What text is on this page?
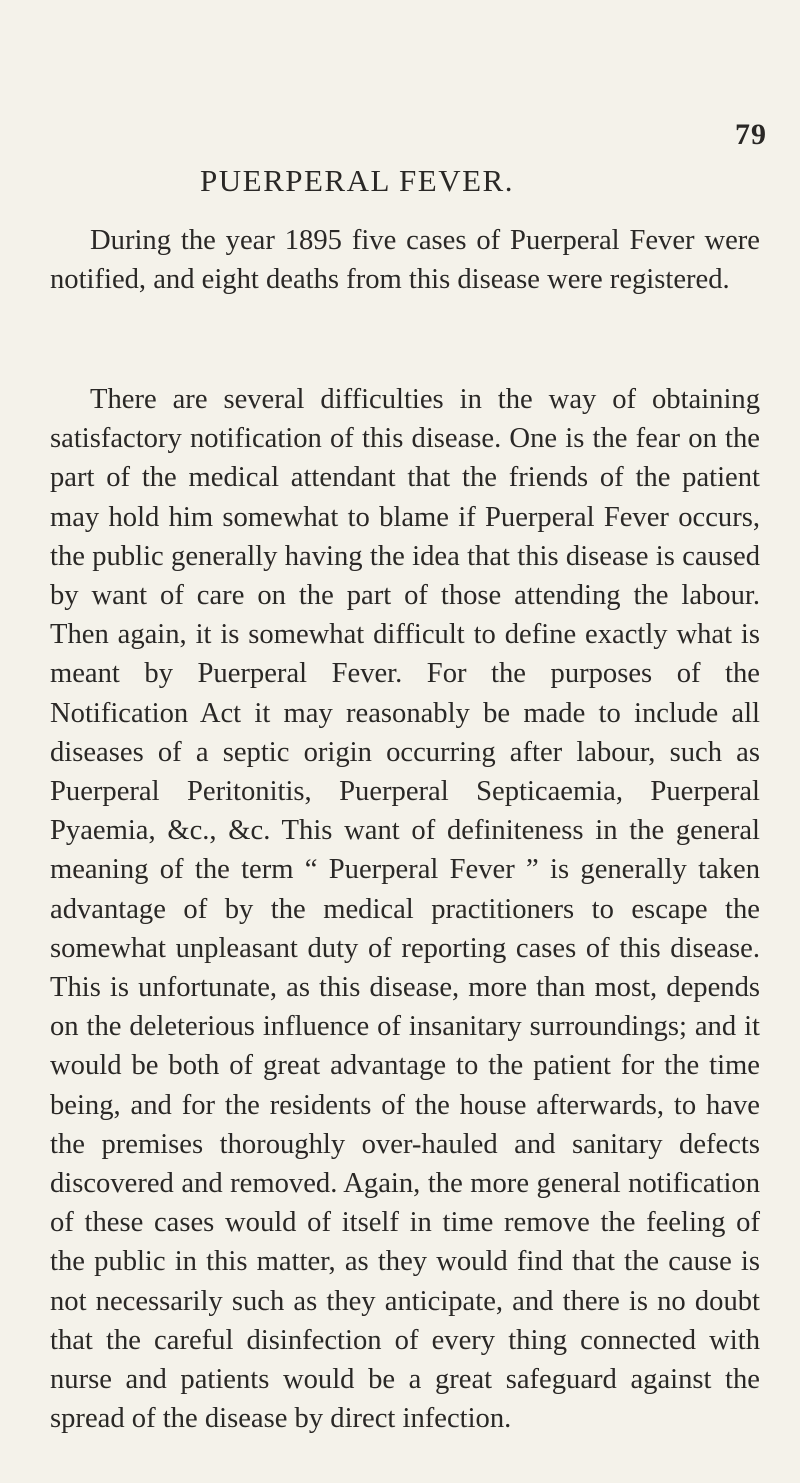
79
PUERPERAL FEVER.

During the year 1895 five cases of Puerperal Fever were notified, and eight deaths from this disease were registered.

There are several difficulties in the way of obtaining satisfactory notification of this disease. One is the fear on the part of the medical attendant that the friends of the patient may hold him somewhat to blame if Puerperal Fever occurs, the public generally having the idea that this disease is caused by want of care on the part of those attending the labour. Then again, it is somewhat difficult to define exactly what is meant by Puerperal Fever. For the purposes of the Notification Act it may reasonably be made to include all diseases of a septic origin occurring after labour, such as Puerperal Peritonitis, Puerperal Septicaemia, Puerperal Pyaemia, &c., &c. This want of definiteness in the general meaning of the term “ Puerperal Fever ” is generally taken advantage of by the medical practitioners to escape the somewhat unpleasant duty of reporting cases of this disease. This is unfortunate, as this disease, more than most, depends on the deleterious influence of insanitary surroundings; and it would be both of great advantage to the patient for the time being, and for the residents of the house afterwards, to have the premises thoroughly over-hauled and sanitary defects discovered and removed. Again, the more general notification of these cases would of itself in time remove the feeling of the public in this matter, as they would find that the cause is not necessarily such as they anticipate, and there is no doubt that the careful disinfection of every thing connected with nurse and patients would be a great safeguard against the spread of the disease by direct infection.
